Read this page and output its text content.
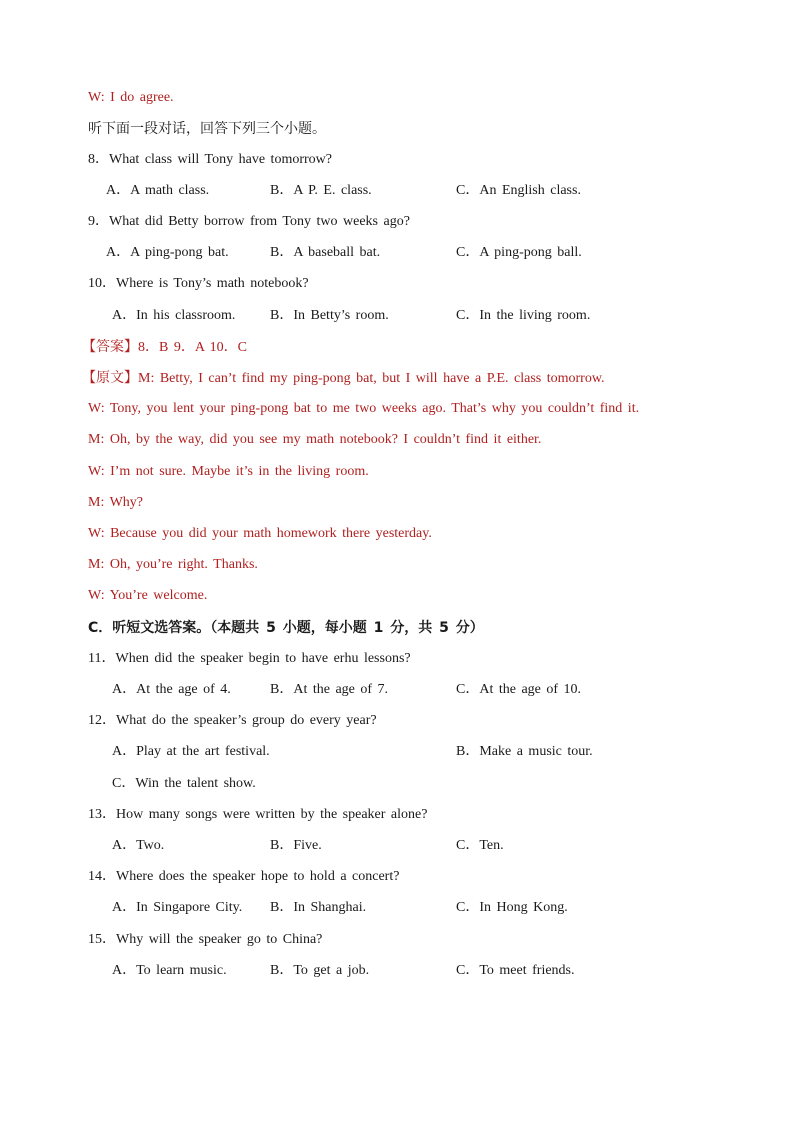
W: I do agree.
听下面一段对话，回答下列三个小题。
8．What class will Tony have tomorrow?
A．A math class.	B．A P. E. class.	C．An English class.
9．What did Betty borrow from Tony two weeks ago?
A．A ping-pong bat.	B．A baseball bat.	C．A ping-pong ball.
10．Where is Tony’s math notebook?
A．In his classroom. B．In Betty’s room.	C．In the living room.
【答案】8．B 9．A 10．C
【原文】M: Betty, I can’t find my ping-pong bat, but I will have a P.E. class tomorrow.
W: Tony, you lent your ping-pong bat to me two weeks ago. That’s why you couldn’t find it.
M: Oh, by the way, did you see my math notebook? I couldn’t find it either.
W: I’m not sure. Maybe it’s in the living room.
M: Why?
W: Because you did your math homework there yesterday.
M: Oh, you’re right. Thanks.
W: You’re welcome.
C．听短文选答案。（本题共 5 小题，每小题 1 分，共 5 分）
11．When did the speaker begin to have erhu lessons?
A．At the age of 4.	B．At the age of 7.	C．At the age of 10.
12．What do the speaker’s group do every year?
A．Play at the art festival.	B．Make a music tour.
C．Win the talent show.
13．How many songs were written by the speaker alone?
A．Two.	B．Five.	C．Ten.
14．Where does the speaker hope to hold a concert?
A．In Singapore City. B．In Shanghai.	C．In Hong Kong.
15．Why will the speaker go to China?
A．To learn music.	B．To get a job.	C．To meet friends.
